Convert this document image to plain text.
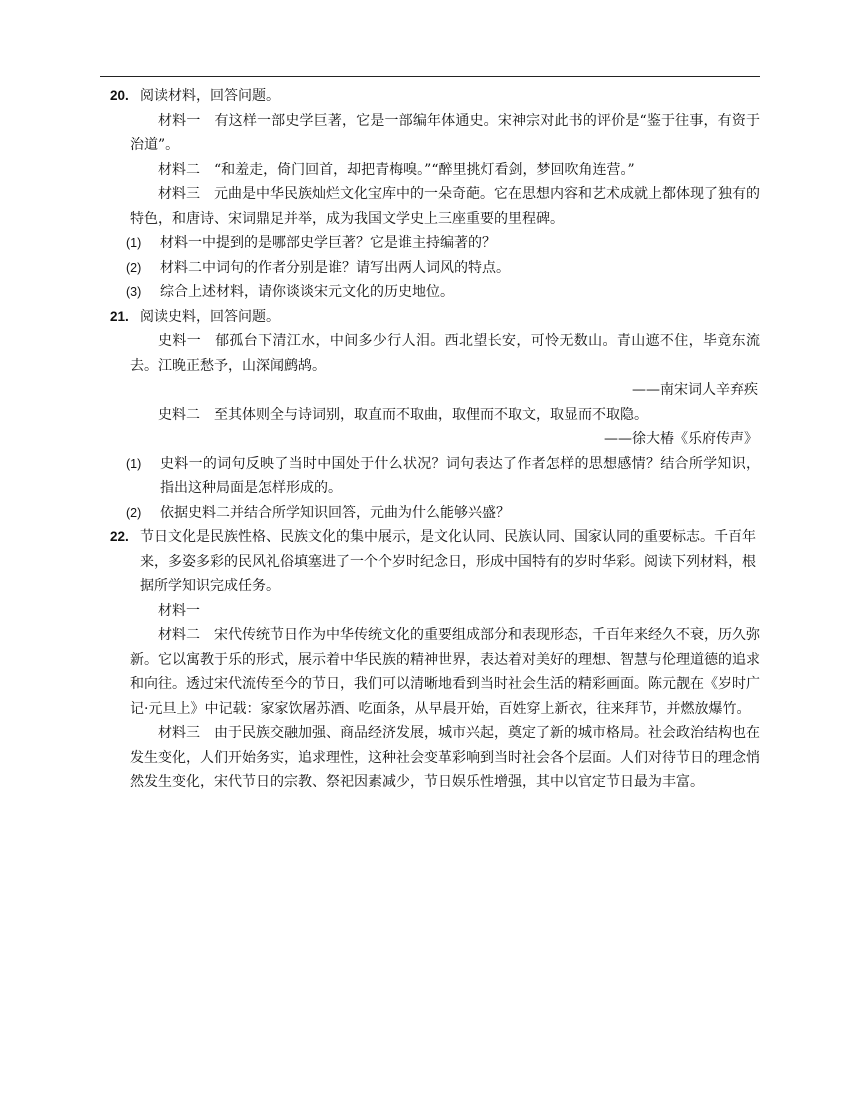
20. 阅读材料，回答问题。

材料一 有这样一部史学巨著，它是一部编年体通史。宋神宗对此书的评价是“鉴于往事，有资于治道”。

材料二 “和羞走，倚门回首，却把青梅嗅。”“醉里挑灯看剑，梦回吹角连营。”

材料三 元曲是中华民族灿烂文化宝库中的一朵奇葩。它在思想内容和艺术成就上都体现了独有的特色，和唐诗、宋词鼎足并举，成为我国文学史上三座重要的里程碑。

(1) 材料一中提到的是哪部史学巨著？它是谁主持编著的？

(2) 材料二中词句的作者分别是谁？请写出两人词风的特点。

(3) 综合上述材料，请你谈谈宋元文化的历史地位。

21. 阅读史料，回答问题。

史料一 郁孤台下清江水，中间多少行人泪。西北望长安，可怜无数山。青山遮不住，毕竟东流去。江晚正愁予，山深闻鹧鸪。

——南宋词人辛弃疾

史料二 至其体则全与诗词别，取直而不取曲，取俚而不取文，取显而不取隐。

——徐大椿《乐府传声》

(1) 史料一的词句反映了当时中国处于什么状况？词句表达了作者怎样的思想感情？结合所学知识，指出这种局面是怎样形成的。

(2) 依据史料二并结合所学知识回答，元曲为什么能够兴盛？

22. 节日文化是民族性格、民族文化的集中展示，是文化认同、民族认同、国家认同的重要标志。千百年来，多姿多彩的民风礼俗填塞进了一个个岁时纪念日，形成中国特有的岁时华彩。阅读下列材料，根据所学知识完成任务。

材料一

材料二 宋代传统节日作为中华传统文化的重要组成部分和表现形态，千百年来经久不衰，历久弥新。它以寓教于乐的形式，展示着中华民族的精神世界，表达着对美好的理想、智慧与伦理道德的追求和向往。透过宋代流传至今的节日，我们可以清晰地看到当时社会生活的精彩画面。陈元靓在《岁时广记·元旦上》中记载：家家饮屠苏酒、吃面条，从早晨开始，百姓穿上新衣，往来拜节，并燃放爆竹。

材料三 由于民族交融加强、商品经济发展，城市兴起，奠定了新的城市格局。社会政治结构也在发生变化，人们开始务实，追求理性，这种社会变革彩响到当时社会各个层面。人们对待节日的理念悄然发生变化，宋代节日的宗教、祭祀因素减少，节日娱乐性增强，其中以官定节日最为丰富。
